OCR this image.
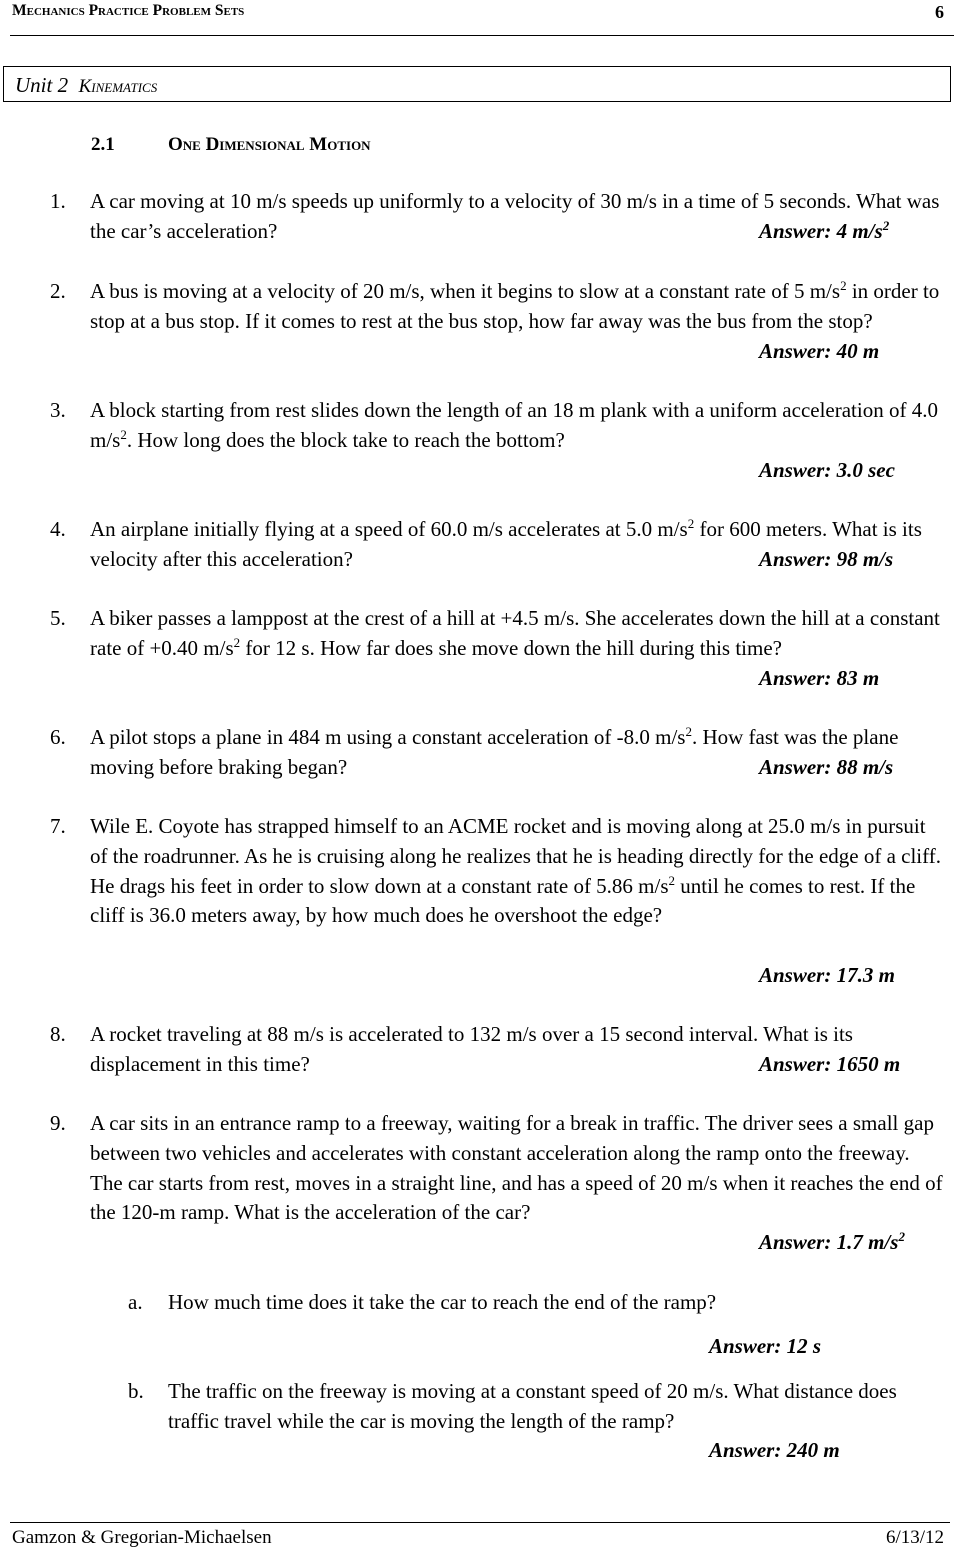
Mechanics Practice Problem Sets	6
Unit 2 Kinematics
2.1	One Dimensional Motion
1. A car moving at 10 m/s speeds up uniformly to a velocity of 30 m/s in a time of 5 seconds. What was the car’s acceleration?	Answer: 4 $m/s^2$
2. A bus is moving at a velocity of 20 m/s, when it begins to slow at a constant rate of 5 $m/s^2$ in order to stop at a bus stop. If it comes to rest at the bus stop, how far away was the bus from the stop?
Answer: 40 m
3. A block starting from rest slides down the length of an 18 m plank with a uniform acceleration of 4.0 $m/s^2$. How long does the block take to reach the bottom?
Answer: 3.0 sec
4. An airplane initially flying at a speed of 60.0 m/s accelerates at 5.0 $m/s^2$ for 600 meters. What is its velocity after this acceleration?	Answer: 98 m/s
5. A biker passes a lamppost at the crest of a hill at +4.5 m/s. She accelerates down the hill at a constant rate of +0.40 $m/s^2$ for 12 s. How far does she move down the hill during this time?
Answer: 83 m
6. A pilot stops a plane in 484 m using a constant acceleration of -8.0 $m/s^2$. How fast was the plane moving before braking began?	Answer: 88 m/s
7. Wile E. Coyote has strapped himself to an ACME rocket and is moving along at 25.0 m/s in pursuit of the roadrunner. As he is cruising along he realizes that he is heading directly for the edge of a cliff. He drags his feet in order to slow down at a constant rate of 5.86 $m/s^2$ until he comes to rest. If the cliff is 36.0 meters away, by how much does he overshoot the edge?
Answer: 17.3 m
8. A rocket traveling at 88 m/s is accelerated to 132 m/s over a 15 second interval. What is its displacement in this time?	Answer: 1650 m
9. A car sits in an entrance ramp to a freeway, waiting for a break in traffic. The driver sees a small gap between two vehicles and accelerates with constant acceleration along the ramp onto the freeway. The car starts from rest, moves in a straight line, and has a speed of 20 m/s when it reaches the end of the 120-m ramp. What is the acceleration of the car?
Answer: 1.7 $m/s^2$
a. How much time does it take the car to reach the end of the ramp?
Answer: 12 s
b. The traffic on the freeway is moving at a constant speed of 20 m/s. What distance does traffic travel while the car is moving the length of the ramp?
Answer: 240 m
Gamzon & Gregorian-Michaelsen	6/13/12
